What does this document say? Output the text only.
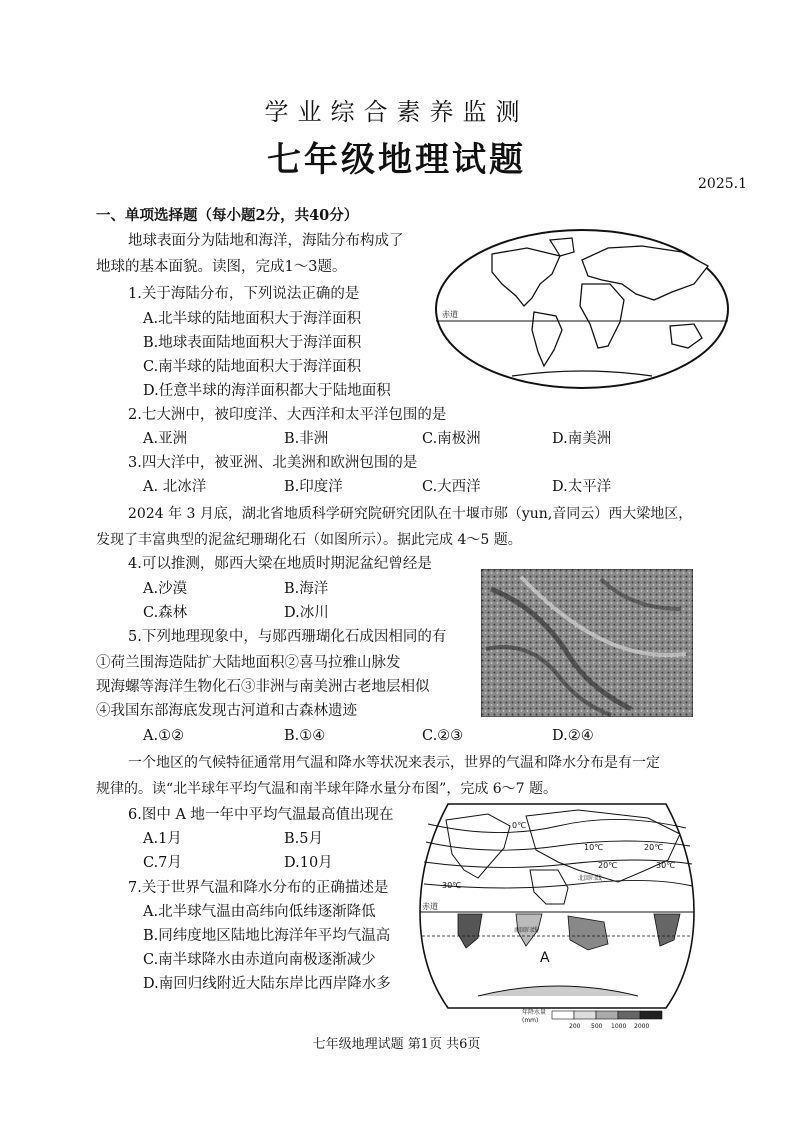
学业综合素养监测
七年级地理试题
2025.1
一、单项选择题（每小题2分，共40分）
地球表面分为陆地和海洋，海陆分布构成了
地球的基本面貌。读图，完成1～3题。
赤道
1.关于海陆分布，下列说法正确的是
A.北半球的陆地面积大于海洋面积
B.地球表面陆地面积大于海洋面积
C.南半球的陆地面积大于海洋面积
D.任意半球的海洋面积都大于陆地面积
2.七大洲中，被印度洋、大西洋和太平洋包围的是
A.亚洲	B.非洲	C.南极洲	D.南美洲
3.四大洋中，被亚洲、北美洲和欧洲包围的是
A. 北冰洋	B.印度洋	C.大西洋	D.太平洋
2024 年 3 月底，湖北省地质科学研究院研究团队在十堰市郧（yun,音同云）西大梁地区，
发现了丰富典型的泥盆纪珊瑚化石（如图所示）。据此完成 4～5 题。
4.可以推测，郧西大梁在地质时期泥盆纪曾经是
A.沙漠	B.海洋
C.森林	D.冰川
5.下列地理现象中，与郧西珊瑚化石成因相同的有
①荷兰围海造陆扩大陆地面积②喜马拉雅山脉发
现海螺等海洋生物化石③非洲与南美洲古老地层相似
④我国东部海底发现古河道和古森林遗迹
A.①②	B.①④	C.②③	D.②④
一个地区的气候特征通常用气温和降水等状况来表示，世界的气温和降水分布是有一定
规律的。读“北半球年平均气温和南半球年降水量分布图”，完成 6～7 题。
0℃
10℃
20℃	30℃
20℃
30℃
北回归线
赤道
南回归线
A
年降水量
(mm)
200 500 1000 2000
6.图中 A 地一年中平均气温最高值出现在
A.1月	B.5月
C.7月	D.10月
7.关于世界气温和降水分布的正确描述是
A.北半球气温由高纬向低纬逐渐降低
B.同纬度地区陆地比海洋年平均气温高
C.南半球降水由赤道向南极逐渐减少
D.南回归线附近大陆东岸比西岸降水多
七年级地理试题 第1页 共6页
